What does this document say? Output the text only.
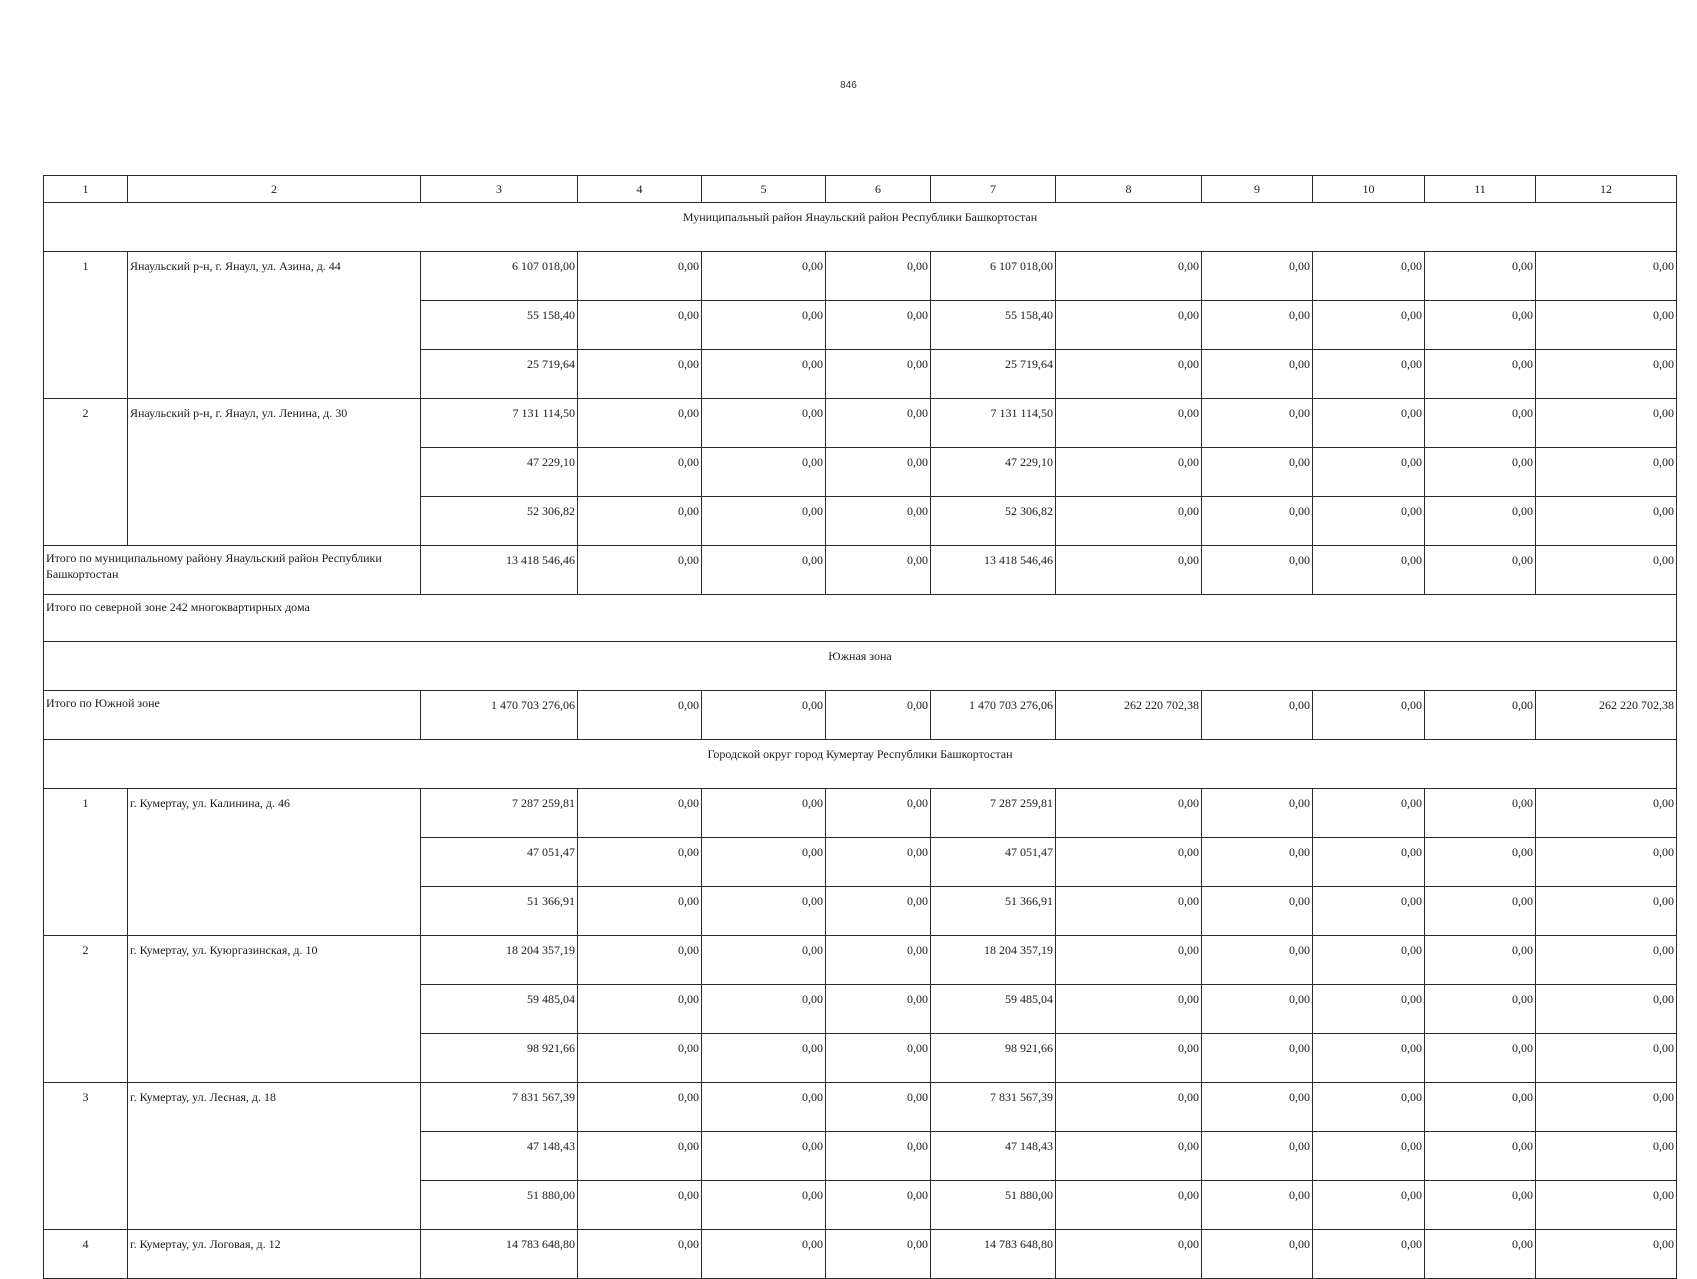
846
1	2	3	4	5	6	7	8	9	10	11	12
Муниципальный район Янаульский район Республики Башкортостан											
1	Янаульский р-н, г. Янаул, ул. Азина, д. 44	6 107 018,00	0,00	0,00	0,00	6 107 018,00	0,00	0,00	0,00	0,00	0,00
		55 158,40	0,00	0,00	0,00	55 158,40	0,00	0,00	0,00	0,00	0,00
		25 719,64	0,00	0,00	0,00	25 719,64	0,00	0,00	0,00	0,00	0,00
2	Янаульский р-н, г. Янаул, ул. Ленина, д. 30	7 131 114,50	0,00	0,00	0,00	7 131 114,50	0,00	0,00	0,00	0,00	0,00
		47 229,10	0,00	0,00	0,00	47 229,10	0,00	0,00	0,00	0,00	0,00
		52 306,82	0,00	0,00	0,00	52 306,82	0,00	0,00	0,00	0,00	0,00
Итого по муниципальному району Янаульский район Республики Башкортостан		13 418 546,46	0,00	0,00	0,00	13 418 546,46	0,00	0,00	0,00	0,00	0,00
Итого по северной зоне 242 многоквартирных дома											
Южная зона											
Итого по Южной зоне		1 470 703 276,06	0,00	0,00	0,00	1 470 703 276,06	262 220 702,38	0,00	0,00	0,00	262 220 702,38
Городской округ город Кумертау Республики Башкортостан											
1	г. Кумертау, ул. Калинина, д. 46	7 287 259,81	0,00	0,00	0,00	7 287 259,81	0,00	0,00	0,00	0,00	0,00
		47 051,47	0,00	0,00	0,00	47 051,47	0,00	0,00	0,00	0,00	0,00
		51 366,91	0,00	0,00	0,00	51 366,91	0,00	0,00	0,00	0,00	0,00
2	г. Кумертау, ул. Куюргазинская, д. 10	18 204 357,19	0,00	0,00	0,00	18 204 357,19	0,00	0,00	0,00	0,00	0,00
		59 485,04	0,00	0,00	0,00	59 485,04	0,00	0,00	0,00	0,00	0,00
		98 921,66	0,00	0,00	0,00	98 921,66	0,00	0,00	0,00	0,00	0,00
3	г. Кумертау, ул. Лесная, д. 18	7 831 567,39	0,00	0,00	0,00	7 831 567,39	0,00	0,00	0,00	0,00	0,00
		47 148,43	0,00	0,00	0,00	47 148,43	0,00	0,00	0,00	0,00	0,00
		51 880,00	0,00	0,00	0,00	51 880,00	0,00	0,00	0,00	0,00	0,00
4	г. Кумертау, ул. Логовая, д. 12	14 783 648,80	0,00	0,00	0,00	14 783 648,80	0,00	0,00	0,00	0,00	0,00
